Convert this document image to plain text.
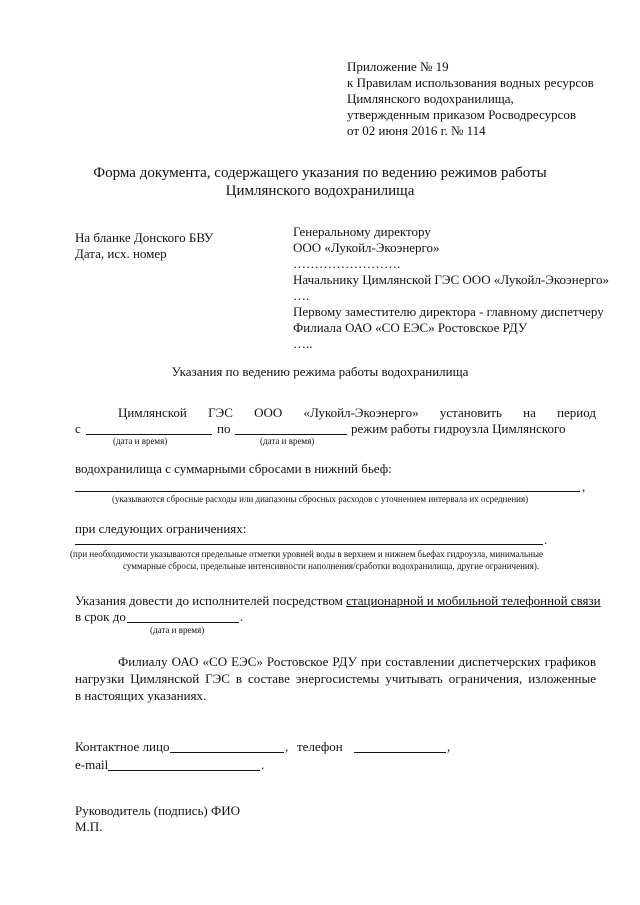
Приложение № 19
к Правилам использования водных ресурсов
Цимлянского водохранилища,
утвержденным приказом Росводресурсов
от 02 июня 2016 г. № 114
Форма документа, содержащего указания по ведению режимов работы
Цимлянского водохранилища
На бланке Донского БВУ
Дата, исх. номер
Генеральному директору
ООО «Лукойл-Экоэнерго»
…………………….
Начальнику Цимлянской ГЭС ООО «Лукойл-Экоэнерго»
….
Первому заместителю директора - главному диспетчеру
Филиала ОАО «СО ЕЭС» Ростовское РДУ
…..
Указания по ведению режима работы водохранилища
Цимлянской ГЭС ООО «Лукойл-Экоэнерго» установить на период
с	по	режим работы гидроузла Цимлянского
(дата и время)	(дата и время)
водохранилища с суммарными сбросами в нижний бьеф:
,
(указываются сбросные расходы или диапазоны сбросных расходов с уточнением интервала их осреднения)
при следующих ограничениях:
.
(при необходимости указываются предельные отметки уровней воды в верхнем и нижнем бьефах гидроузла, минимальные
суммарные сбросы, предельные интенсивности наполнения/сработки водохранилища, другие ограничения).
Указания довести до исполнителей посредством стационарной и мобильной телефонной связи
в срок до	.
(дата и время)
Филиалу ОАО «СО ЕЭС» Ростовское РДУ при составлении диспетчерских графиков
нагрузки Цимлянской ГЭС в составе энергосистемы учитывать ограничения, изложенные
в настоящих указаниях.
Контактное лицо	, телефон	,
e-mail	.
Руководитель (подпись) ФИО
М.П.
